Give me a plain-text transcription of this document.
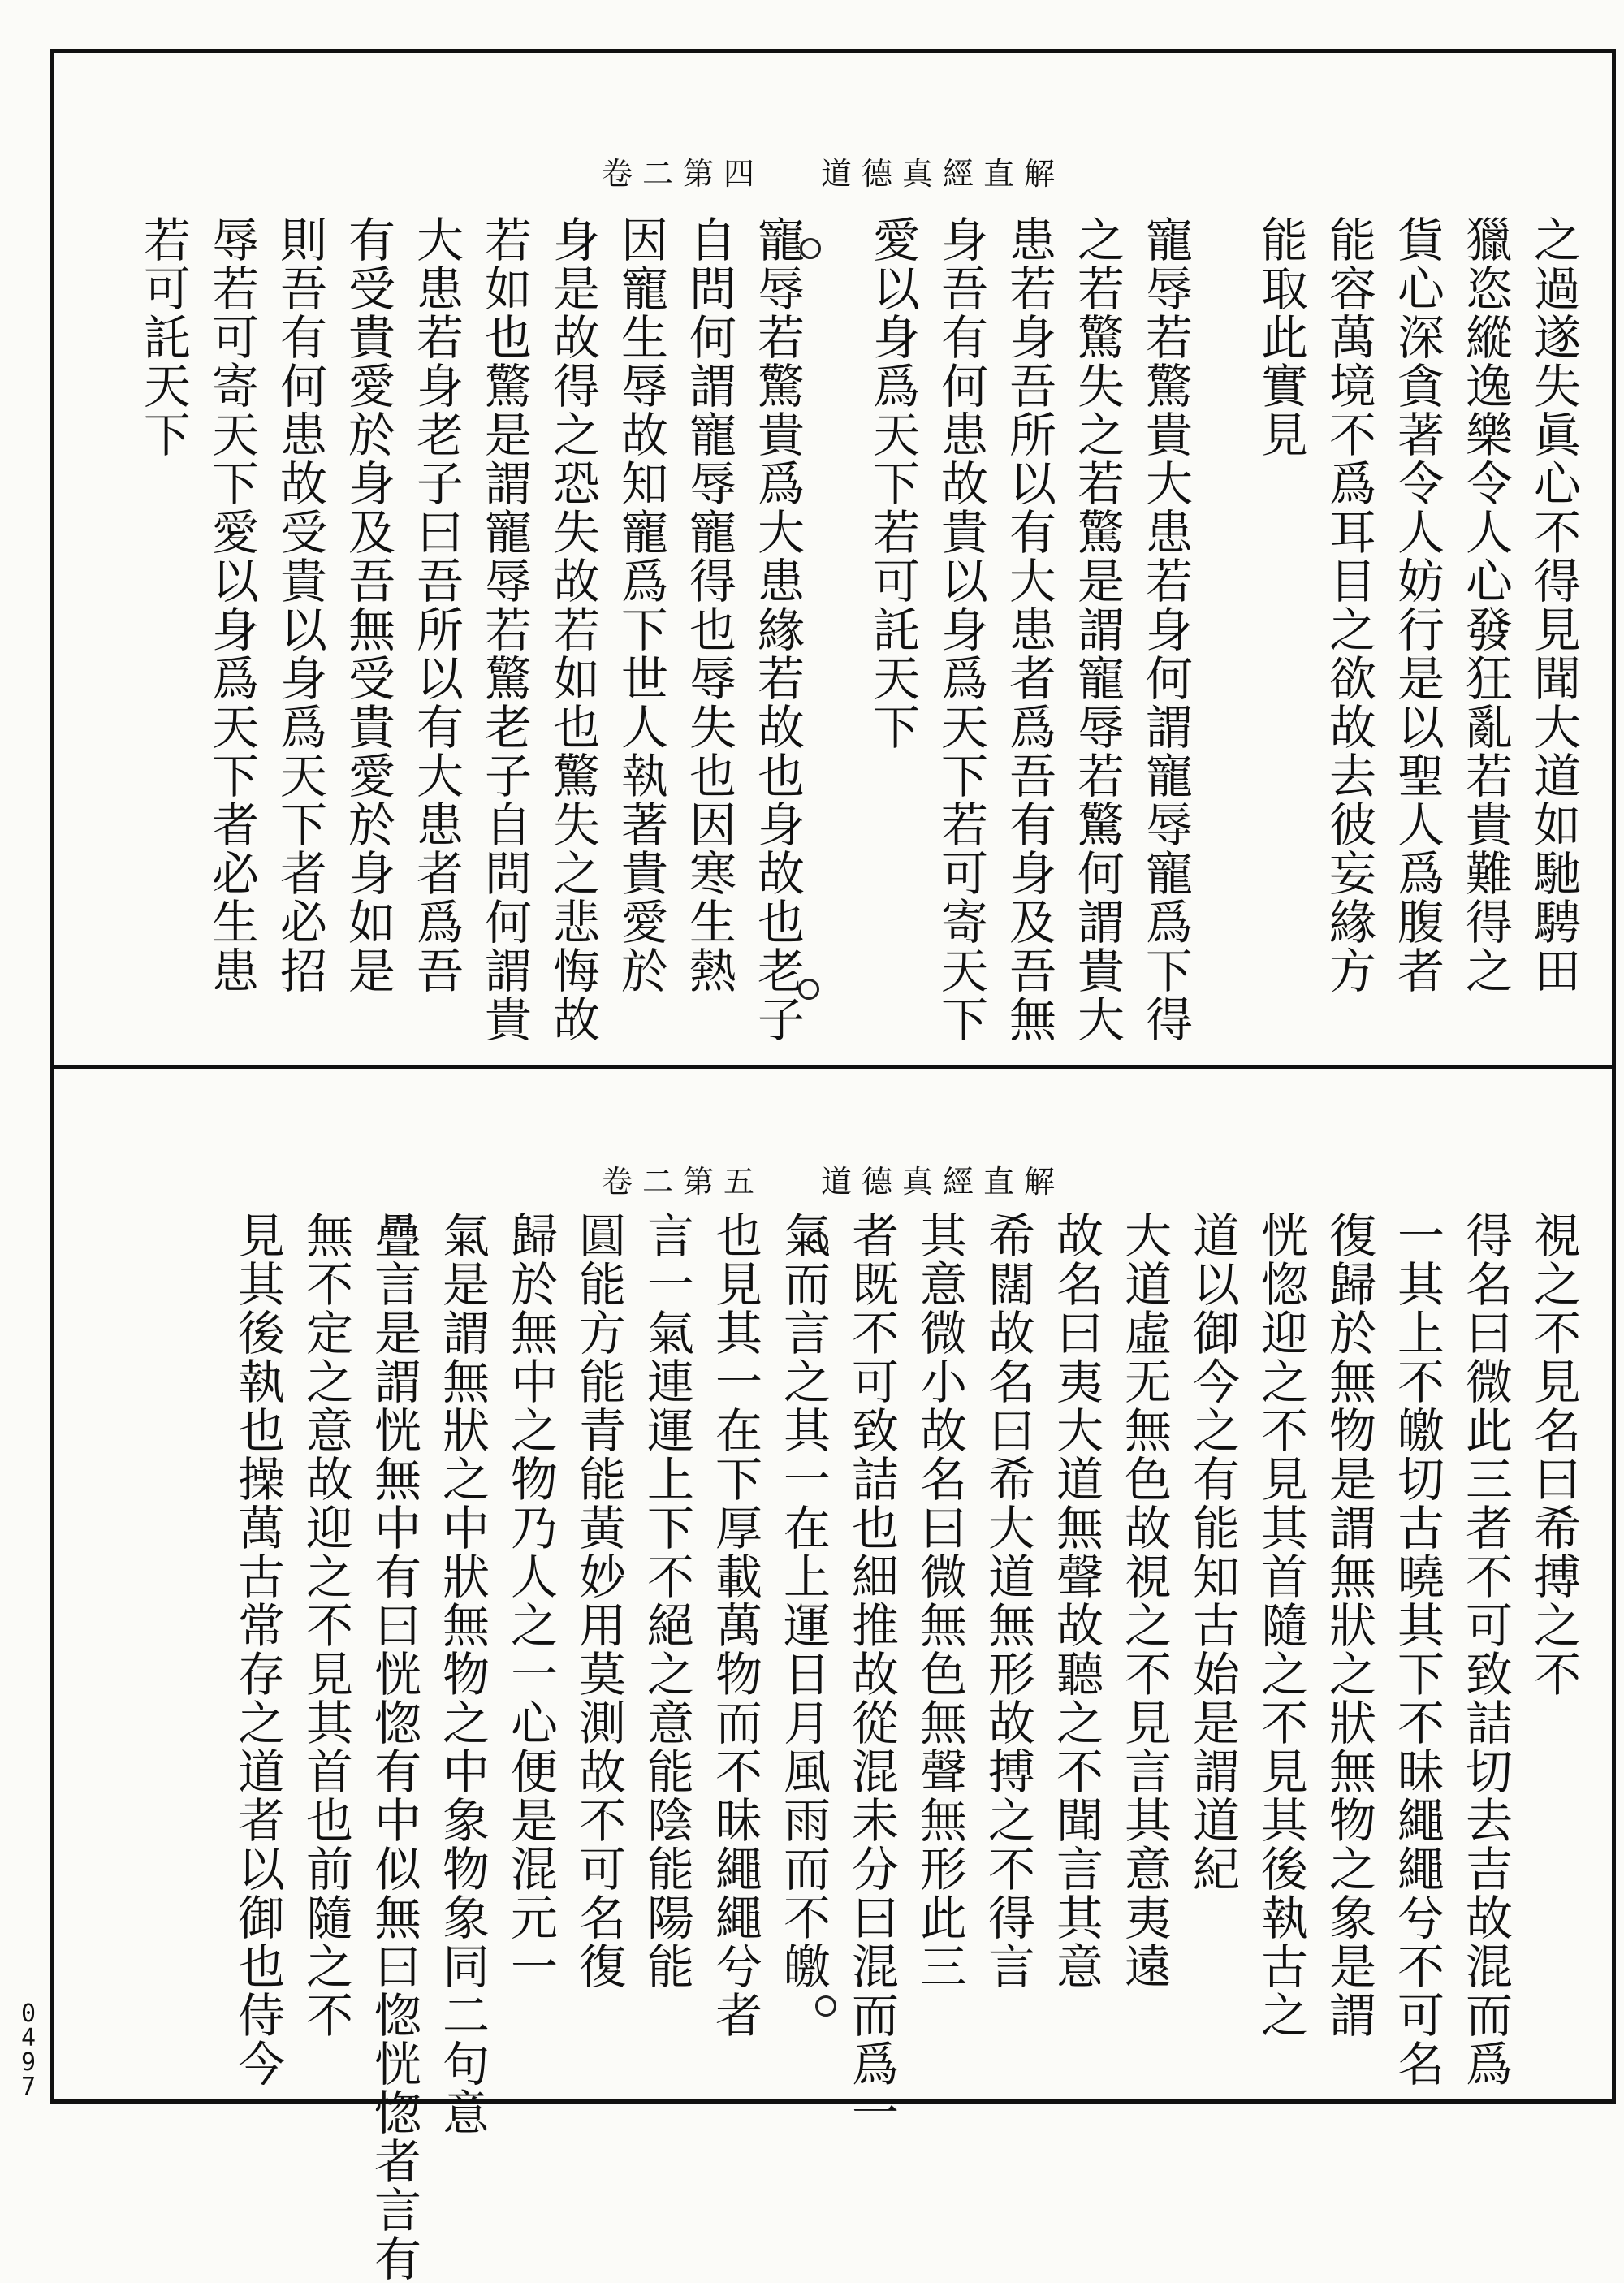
卷二第四 道德真經直解
之過遂失眞心不得見聞大道如馳騁田
獵恣縱逸樂令人心發狂亂若貴難得之
貨心深貪著令人妨行是以聖人爲腹者
能容萬境不爲耳目之欲故去彼妄緣方
能取此實見
寵辱若驚貴大患若身何謂寵辱寵爲下得
之若驚失之若驚是謂寵辱若驚何謂貴大
患若身吾所以有大患者爲吾有身及吾無
身吾有何患故貴以身爲天下若可寄天下
愛以身爲天下若可託天下
寵辱若驚貴爲大患緣若故也身故也老子
自問何謂寵辱寵得也辱失也因寒生熱
因寵生辱故知寵爲下世人執著貴愛於
身是故得之恐失故若如也驚失之悲悔故
若如也驚是謂寵辱若驚老子自問何謂貴
大患若身老子曰吾所以有大患者爲吾
有受貴愛於身及吾無受貴愛於身如是
則吾有何患故受貴以身爲天下者必招
辱若可寄天下愛以身爲天下者必生患
若可託天下
卷二第五 道德真經直解
視之不見名曰希搏之不
得名曰微此三者不可致詰切去吉故混而爲
一其上不皦切古曉其下不昧繩繩兮不可名
復歸於無物是謂無狀之狀無物之象是謂
恍惚迎之不見其首隨之不見其後執古之
道以御今之有能知古始是謂道紀
大道虛无無色故視之不見言其意夷遠
故名曰夷大道無聲故聽之不聞言其意
希闊故名曰希大道無形故搏之不得言
其意微小故名曰微無色無聲無形此三
者既不可致詰也細推故從混未分曰混而爲一
氣而言之其一在上運日月風雨而不皦
也見其一在下厚載萬物而不昧繩繩兮者
言一氣連運上下不絕之意能陰能陽能
圓能方能青能黃妙用莫測故不可名復
歸於無中之物乃人之一心便是混元一
氣是謂無狀之中狀無物之中象物象同二句意
疊言是謂恍無中有曰恍惚有中似無曰惚恍惚者言有
無不定之意故迎之不見其首也前隨之不
見其後執也操萬古常存之道者以御也侍今
0497
